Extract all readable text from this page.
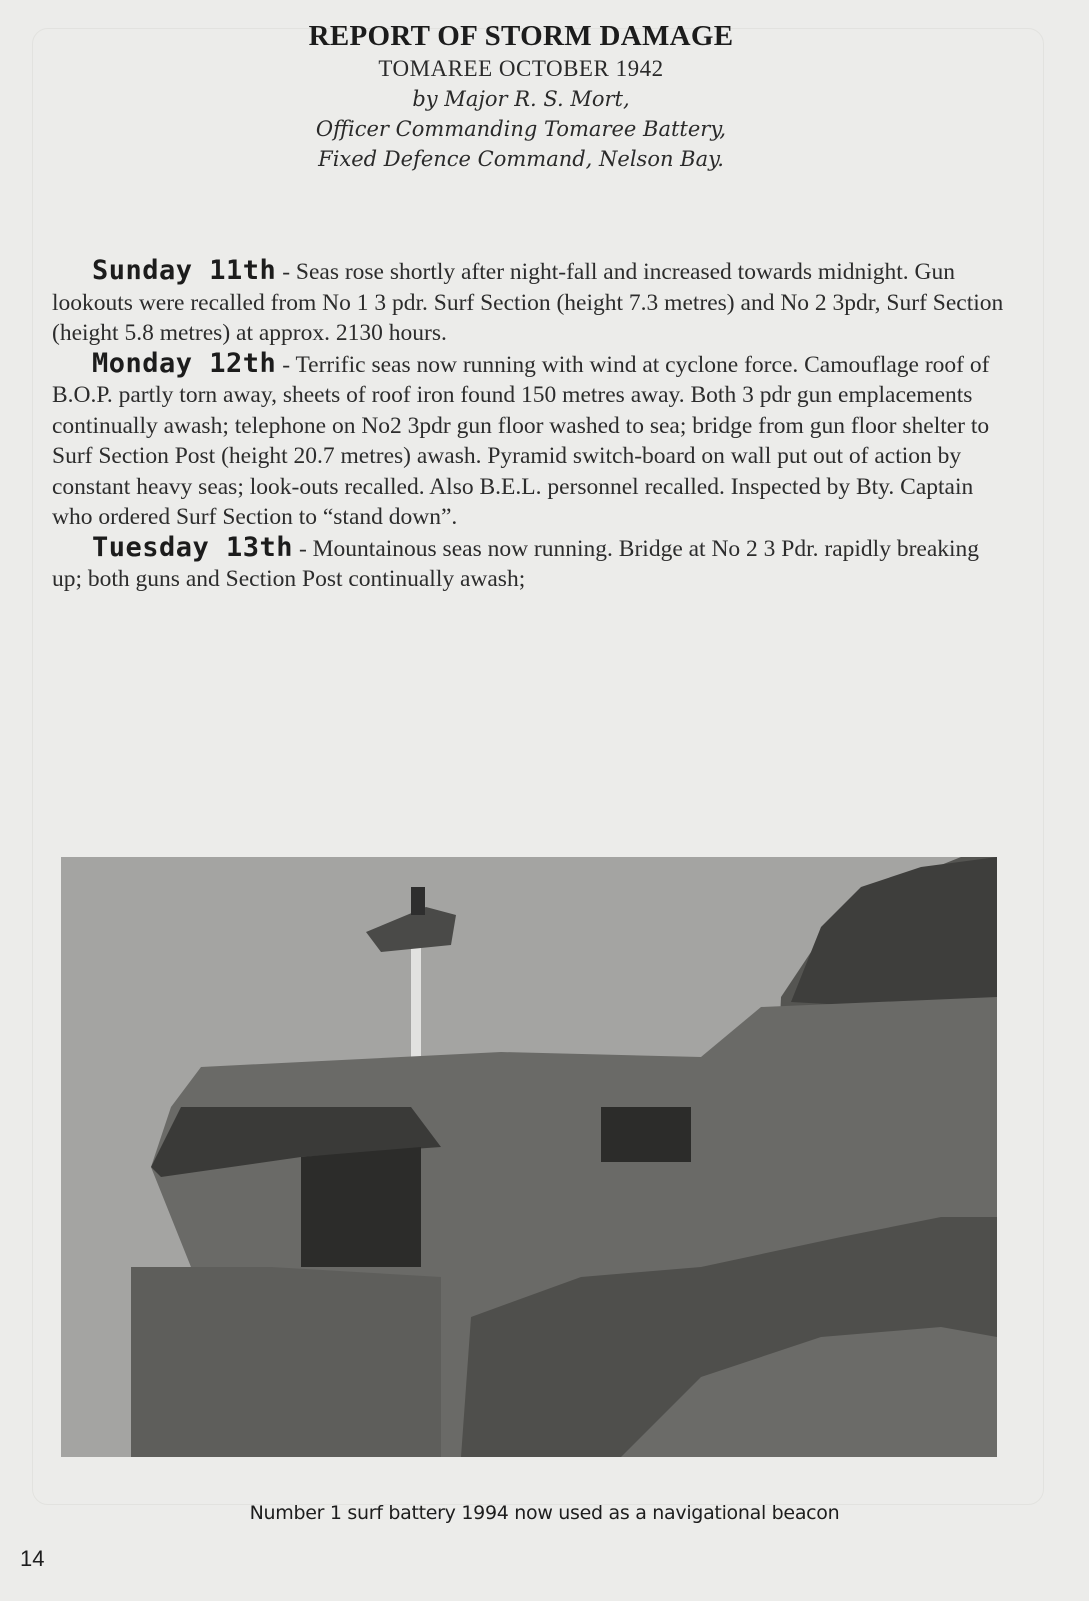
REPORT OF STORM DAMAGE
TOMAREE OCTOBER 1942
by Major R. S. Mort,
Officer Commanding Tomaree Battery,
Fixed Defence Command, Nelson Bay.

Sunday 11th - Seas rose shortly after night-fall and increased towards midnight. Gun lookouts were recalled from No 1 3 pdr. Surf Section (height 7.3 metres) and No 2 3pdr, Surf Section (height 5.8 metres) at approx. 2130 hours.

Monday 12th - Terrific seas now running with wind at cyclone force. Camouflage roof of B.O.P. partly torn away, sheets of roof iron found 150 metres away. Both 3 pdr gun emplacements continually awash; telephone on No2 3pdr gun floor washed to sea; bridge from gun floor shelter to Surf Section Post (height 20.7 metres) awash. Pyramid switch-board on wall put out of action by constant heavy seas; look-outs recalled. Also B.E.L. personnel recalled. Inspected by Bty. Captain who ordered Surf Section to “stand down”.

Tuesday 13th - Mountainous seas now running. Bridge at No 2 3 Pdr. rapidly breaking up; both guns and Section Post continually awash;

Number 1 surf battery 1994 now used as a navigational beacon
14
